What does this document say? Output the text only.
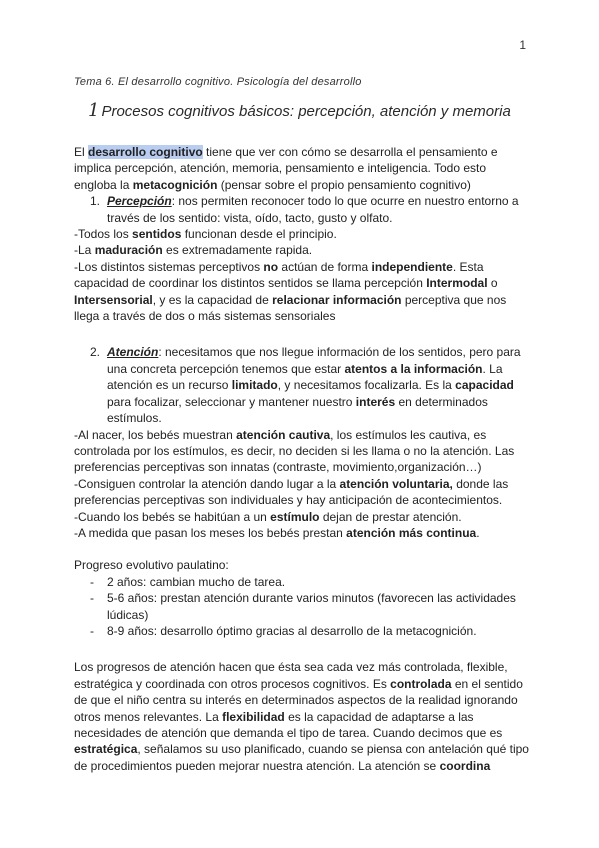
1
Tema 6. El desarrollo cognitivo. Psicología del desarrollo
1 Procesos cognitivos básicos: percepción, atención y memoria

El desarrollo cognitivo tiene que ver con cómo se desarrolla el pensamiento e implica percepción, atención, memoria, pensamiento e inteligencia. Todo esto engloba la metacognición (pensar sobre el propio pensamiento cognitivo)

1. Percepción: nos permiten reconocer todo lo que ocurre en nuestro entorno a través de los sentido: vista, oído, tacto, gusto y olfato.

-Todos los sentidos funcionan desde el principio.

-La maduración es extremadamente rapida.

-Los distintos sistemas perceptivos no actúan de forma independiente. Esta capacidad de coordinar los distintos sentidos se llama percepción Intermodal o Intersensorial, y es la capacidad de relacionar información perceptiva que nos llega a través de dos o más sistemas sensoriales

2. Atención: necesitamos que nos llegue información de los sentidos, pero para una concreta percepción tenemos que estar atentos a la información. La atención es un recurso limitado, y necesitamos focalizarla. Es la capacidad para focalizar, seleccionar y mantener nuestro interés en determinados estímulos.

-Al nacer, los bebés muestran atención cautiva, los estímulos les cautiva, es controlada por los estímulos, es decir, no deciden si les llama o no la atención. Las preferencias perceptivas son innatas (contraste, movimiento,organización…)

-Consiguen controlar la atención dando lugar a la atención voluntaria, donde las preferencias perceptivas son individuales y hay anticipación de acontecimientos.

-Cuando los bebés se habitúan a un estímulo dejan de prestar atención.

-A medida que pasan los meses los bebés prestan atención más continua.

Progreso evolutivo paulatino:

- 2 años: cambian mucho de tarea.
- 5-6 años: prestan atención durante varios minutos (favorecen las actividades lúdicas)
- 8-9 años: desarrollo óptimo gracias al desarrollo de la metacognición.

Los progresos de atención hacen que ésta sea cada vez más controlada, flexible, estratégica y coordinada con otros procesos cognitivos. Es controlada en el sentido de que el niño centra su interés en determinados aspectos de la realidad ignorando otros menos relevantes. La flexibilidad es la capacidad de adaptarse a las necesidades de atención que demanda el tipo de tarea. Cuando decimos que es estratégica, señalamos su uso planificado, cuando se piensa con antelación qué tipo de procedimientos pueden mejorar nuestra atención. La atención se coordina
